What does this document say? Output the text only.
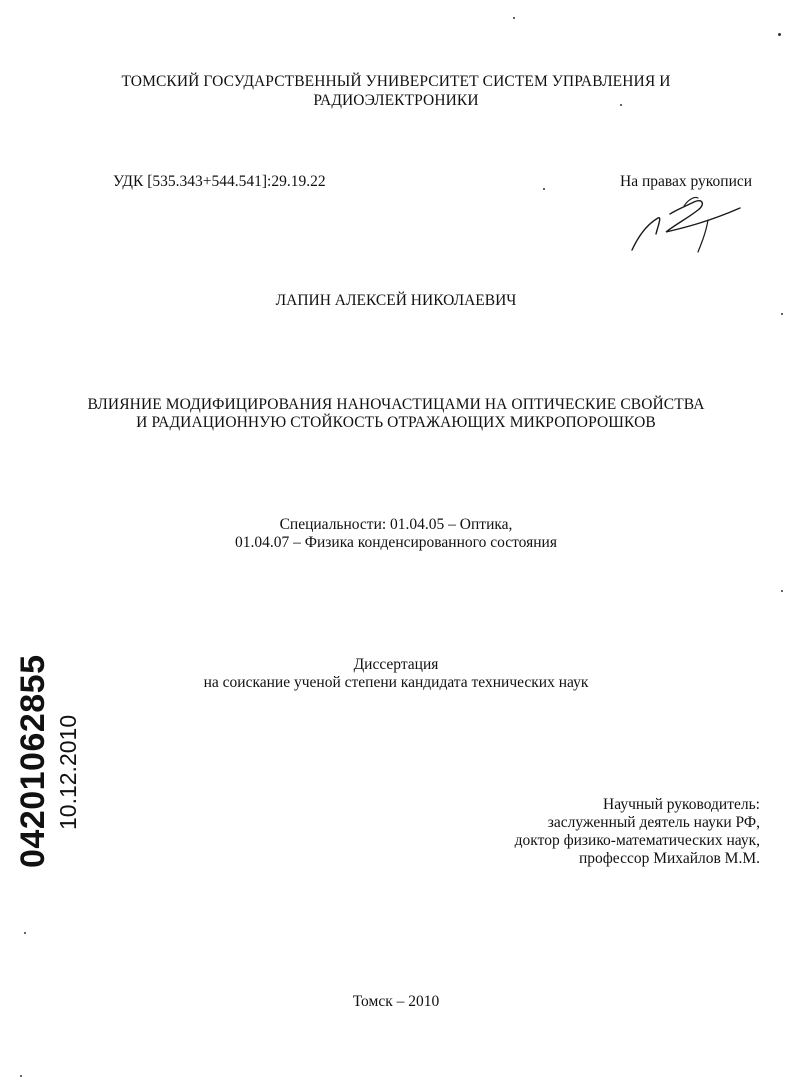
ТОМСКИЙ ГОСУДАРСТВЕННЫЙ УНИВЕРСИТЕТ СИСТЕМ УПРАВЛЕНИЯ И
РАДИОЭЛЕКТРОНИКИ
УДК [535.343+544.541]:29.19.22	На правах рукописи
ЛАПИН АЛЕКСЕЙ НИКОЛАЕВИЧ
ВЛИЯНИЕ МОДИФИЦИРОВАНИЯ НАНОЧАСТИЦАМИ НА ОПТИЧЕСКИЕ СВОЙСТВА
И РАДИАЦИОННУЮ СТОЙКОСТЬ ОТРАЖАЮЩИХ МИКРОПОРОШКОВ
Специальности: 01.04.05 – Оптика,
01.04.07 – Физика конденсированного состояния
Диссертация
на соискание ученой степени кандидата технических наук
Научный руководитель:
заслуженный деятель науки РФ,
доктор физико-математических наук,
профессор Михайлов М.М.
Томск – 2010
04201062855 10.12.2010
